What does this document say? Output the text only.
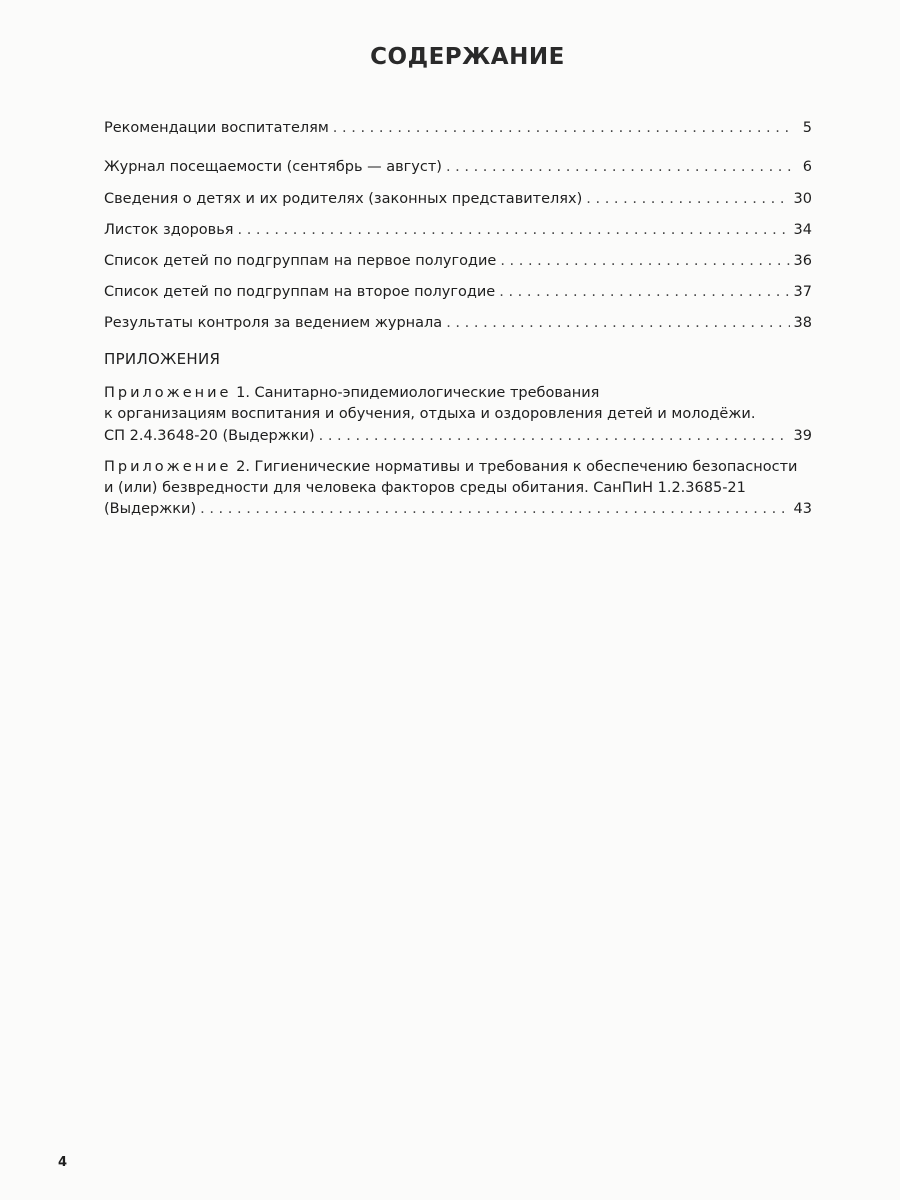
СОДЕРЖАНИЕ
Рекомендации воспитателям . . .	5
Журнал посещаемости (сентябрь — август) . . .	6
Сведения о детях и их родителях (законных представителях) . . .	30
Листок здоровья . . .	34
Список детей по подгруппам на первое полугодие . . .	36
Список детей по подгруппам на второе полугодие . . .	37
Результаты контроля за ведением журнала . . .	38
ПРИЛОЖЕНИЯ
Приложение 1. Санитарно-эпидемиологические требования
к организациям воспитания и обучения, отдыха и оздоровления детей и молодёжи.
СП 2.4.3648-20 (Выдержки) . . .	39
Приложение 2. Гигиенические нормативы и требования к обеспечению безопасности
и (или) безвредности для человека факторов среды обитания. СанПиН 1.2.3685-21
(Выдержки) . . .	43
4
